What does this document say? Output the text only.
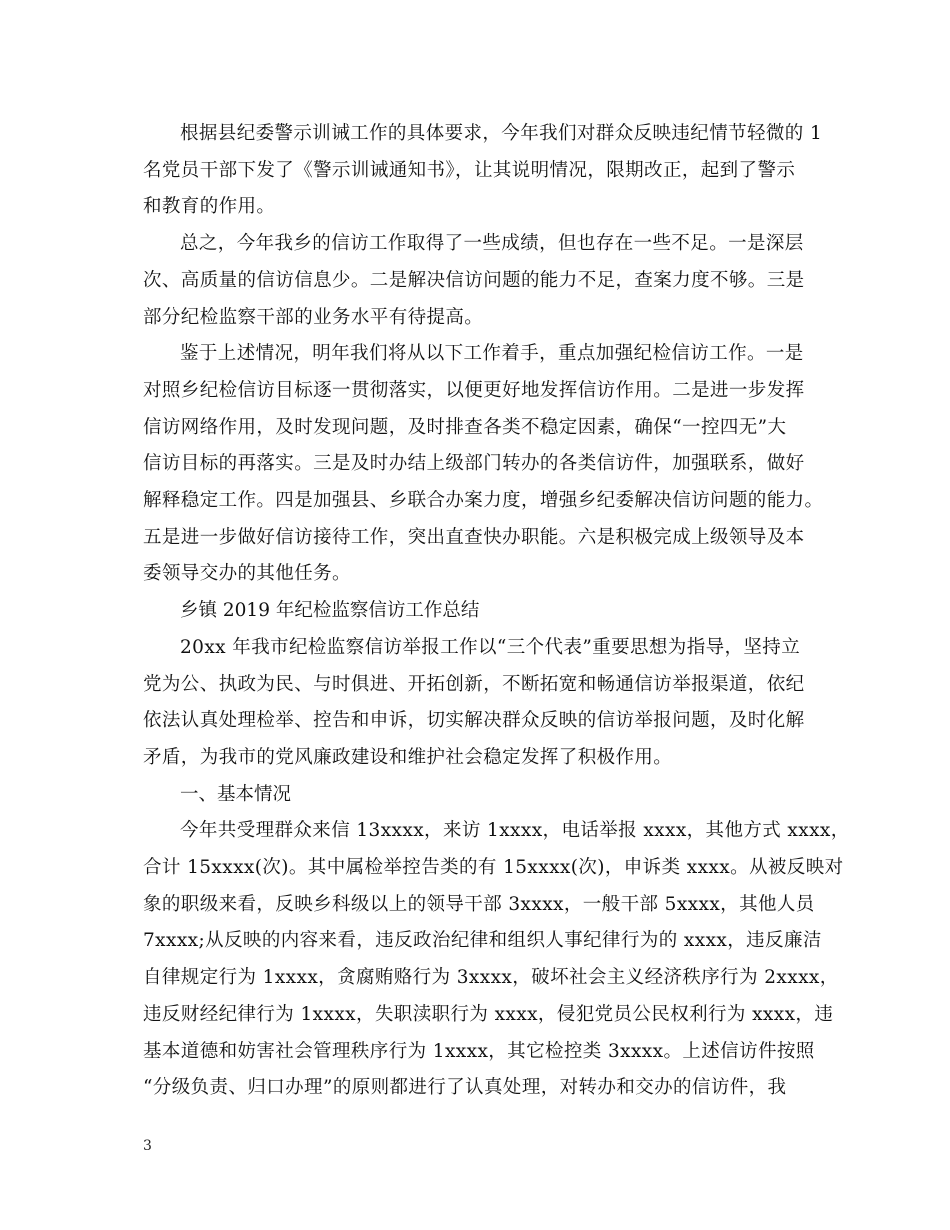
根据县纪委警示训诫工作的具体要求，今年我们对群众反映违纪情节轻微的 1
名党员干部下发了《警示训诫通知书》，让其说明情况，限期改正，起到了警示
和教育的作用。

总之，今年我乡的信访工作取得了一些成绩，但也存在一些不足。一是深层
次、高质量的信访信息少。二是解决信访问题的能力不足，查案力度不够。三是
部分纪检监察干部的业务水平有待提高。

鉴于上述情况，明年我们将从以下工作着手，重点加强纪检信访工作。一是
对照乡纪检信访目标逐一贯彻落实，以便更好地发挥信访作用。二是进一步发挥
信访网络作用，及时发现问题，及时排查各类不稳定因素，确保“一控四无”大
信访目标的再落实。三是及时办结上级部门转办的各类信访件，加强联系，做好
解释稳定工作。四是加强县、乡联合办案力度，增强乡纪委解决信访问题的能力。
五是进一步做好信访接待工作，突出直查快办职能。六是积极完成上级领导及本
委领导交办的其他任务。

乡镇 2019 年纪检监察信访工作总结

20xx 年我市纪检监察信访举报工作以“三个代表”重要思想为指导，坚持立
党为公、执政为民、与时俱进、开拓创新，不断拓宽和畅通信访举报渠道，依纪
依法认真处理检举、控告和申诉，切实解决群众反映的信访举报问题，及时化解
矛盾，为我市的党风廉政建设和维护社会稳定发挥了积极作用。

一、基本情况

今年共受理群众来信 13xxxx，来访 1xxxx，电话举报 xxxx，其他方式 xxxx，
合计 15xxxx(次)。其中属检举控告类的有 15xxxx(次)，申诉类 xxxx。从被反映对
象的职级来看，反映乡科级以上的领导干部 3xxxx，一般干部 5xxxx，其他人员
7xxxx;从反映的内容来看，违反政治纪律和组织人事纪律行为的 xxxx，违反廉洁
自律规定行为 1xxxx，贪腐贿赂行为 3xxxx，破坏社会主义经济秩序行为 2xxxx，
违反财经纪律行为 1xxxx，失职渎职行为 xxxx，侵犯党员公民权利行为 xxxx，违
基本道德和妨害社会管理秩序行为 1xxxx，其它检控类 3xxxx。上述信访件按照
“分级负责、归口办理”的原则都进行了认真处理，对转办和交办的信访件，我

3
